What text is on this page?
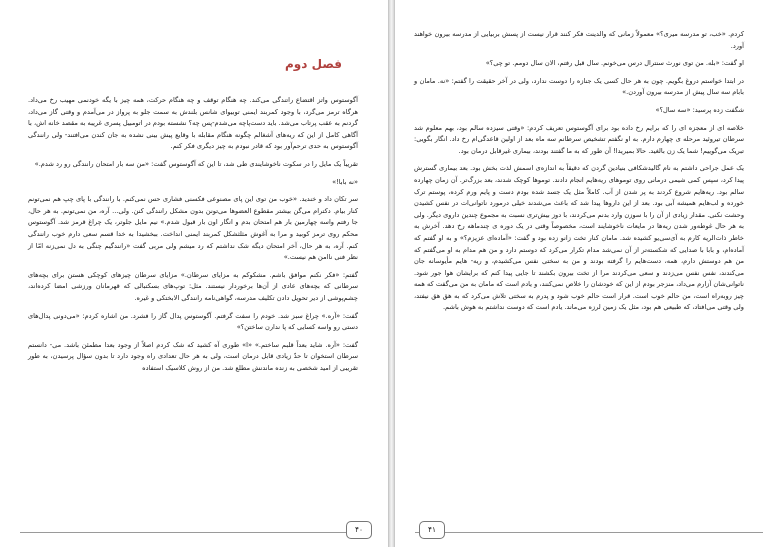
فصل دوم

آگوستوس واتز اقتضاع راتندگی می‌کند. چه هنگام توقف و چه هنگام حرکت، همه چیز با یگه خودنمی مهیب رخ می‌داد. هرگاه ترمز می‌گرد، با وجود کمربند ایمنی توبیوای شانس بلندش به سمت جلو به پرواز در می‌آمدم و وقتی گاز می‌داد، گردنم به عقب پرتاب می‌شد. باید دست‌پاچه می‌شدم-پس چه؟ نشسته بودم در اتومبیل پسری غریبه به مقصد خانه اش، با آگاهی کامل از این که ریه‌های آشغالم چگونه هنگام مقابله با وقایع پیش بینی نشده به جان کندن می‌افتند- ولی رانندگی آگوستوس به حدی ترحم‌آور بود که قادر نبودم به چیز دیگری فکر کنم.

تقریباً یک مایل را در سکوت ناخوشایندی طی شد، تا این که آگوستوس گفت: «من سه بار امتحان رانندگی رو رد شدم.»

«نه بابا!»

سر تکان داد و خندید. «خوب من توی این پای مصنوعی فکسنی فشاری حس نمی‌کنم. با رانندگی با پای چپ هم نمی‌تونم کنار بیام. دکترام می‌گن بیشتر مقطوع العضوها می‌تونن بدون مشکل رانندگی کنن. ولی... آره، من نمی‌تونم. به هر حال، جا رفتم واسه چهارمین بار هم امتحان بدم و انگار اون بار قبول شدم.» نیم مایل جلوتر، یک چراغ قرمز شد. آگوستوس محکم روی ترمز کوبید و مرا به آغوش مثلثشکل کمربند ایمنی انداخت. ببخشیدا به خدا قسم سعی دارم خوب رانندگی کنم. آره، به هر حال، آخر امتحان دیگه شک نداشتم که رد میشم ولی مربی گفت «رانندگیم چنگی به دل نمی‌زنه امّا از نظر فنی ناامن هم نیست.»

گفتم: «فکر نکنم موافق باشم. مشکوکم به مزایای سرطان.» مزایای سرطان چیزهای کوچکی هستن برای بچه‌های سرطانی که بچه‌های عادی از آن‌ها برخوردار نیستند. مثل: توپ‌های بسکتبالی که قهرمانان ورزشی امضا کرده‌اند، چشم‌پوشی از دیر تحویل دادن تکلیف مدرسه، گواهی‌نامه رانندگی الابختکی و غیره.

گفت: «آره.» چراغ سبز شد. خودم را سفت گرفتم. آگوستوس پدال گاز را فشرد. من اشاره کردم: «می‌دونی پدال‌های دستی رو واسه کسایی که پا ندارن ساختن؟»

گفت: «آره. شاید بعداً قلبم ساختم.» «ا» طوری آه کشید که شک کردم اصلاً از وجود بعدا مطمئن باشد. می- دانستم سرطان استخوان تا حدّ زیادی قابل درمان است، ولی به هر حال تعدادی راه وجود دارد تا بدون سؤال پرسیدن، به طور تقریبی از امید شخصی به زنده ماندنش مطلع شد. من از روش کلاسیک استفاده

۴۰

کردم. «خب، تو مدرسه میری؟» معمولاً زمانی که والدینت فکر کنند قرار نیست از پسش بربیایی از مدرسه بیرون خواهند آورد.

او گفت: «بله. من توی نورث سنترال درس می‌خونم. سال قبل رفتم، الان سال دومم. تو چی؟»

در ابتدا خواستم دروغ بگویم. چون به هر حال کسی یک جنازه را دوست ندارد، ولی در آخر حقیقت را گفتم: «نه. مامان و بابام سه سال پیش از مدرسه بیرون آوردن.»

شگفت زده پرسید: «سه سال؟»

خلاصه ای از معجزه ای را که برایم رخ داده بود برای آگوستوس تعریف کردم: «وقتی سیزده سالم بود، بهم معلوم شد سرطان تیروئید مرحله ی چهارم دارم. به او نگفتم تشخیص سرطانم سه ماه بعد از اولین قاعدگی‌ام رخ داد. انگار بگویی: تبریک می‌گوییم! شما یک زن بالغید. حالا بمیریدا! آن طور که به ما گفتند بودند، بیماری غیرقابل درمان بود.

یک عمل جراحی داشتم به نام گالیدشکافی بنیادین گردن که دقیقاً به اندازه‌ی اسمش لذت بخش بود. بعد بیماری گسترش پیدا کرد، سپس کمی شیمی درمانی روی توموهای ریه‌هایم انجام دادند. توموها کوچک شدند، بعد بزرگ‌تر. آن زمان چهارده سالم بود. ریه‌هایم شروع کردند به پر شدن از آب. کاملاً مثل یک جسد شده بودم دست و پایم ورم کرده، پوستم ترک خورده و لب‌هایم همیشه آبی بود. بعد از این داروها پیدا شد که باعث می‌شدند خیلی درمورد ناتوانی‌ات در نفس کشیدن وحشت نکنی. مقدار زیادی از آن را با سوزن وارد بدنم می‌کردند، با دوز بیش‌تری نسبت به مجموع چندین داروی دیگر. ولی به هر حال غوطه‌ور شدن ریه‌ها در مایعات ناخوشایند است، مخصوصاً وقتی در یک دوره ی چندماهه رخ دهد. آخرش به خاطر ذات‌الریه کارم به آی‌سی‌یو کشیده شد. مامان کنار تخت زانو زده بود و گفت: «آماده‌ای عزیزم؟» و به او گفتم که آماده‌ام، و بابا با صدایی که شکسته‌تر از آن نمی‌شد مدام تکرار می‌کرد که دوستم دارد و من هم مدام به او می‌گفتم که من هم دوستش دارم، همه، دست‌هایم را گرفته بودند و من به سختی نفس می‌کشیدم، و ریه- هایم مأیوسانه جان می‌کندند، نفس نفس می‌زدند و سعی می‌کردند مرا از تخت بیرون بکشند تا جایی پیدا کنم که برایشان هوا جور شود. ناتوانی‌شان آزارم می‌داد، منزجر بودم از این که خودشان را خلاص نمی‌کنند، و یادم است که مامان به من می‌گفت که همه چیز روبه‌راه است، من حالم خوب است. قرار است حالم خوب شود و پدرم به سختی تلاش می‌کرد که به هق هق نیفتد، ولی وقتی می‌افتاد، که طبیعی هم بود، مثل یک زمین لرزه می‌ماند. یادم است که دوست نداشتم به هوش باشم.

۴۱
